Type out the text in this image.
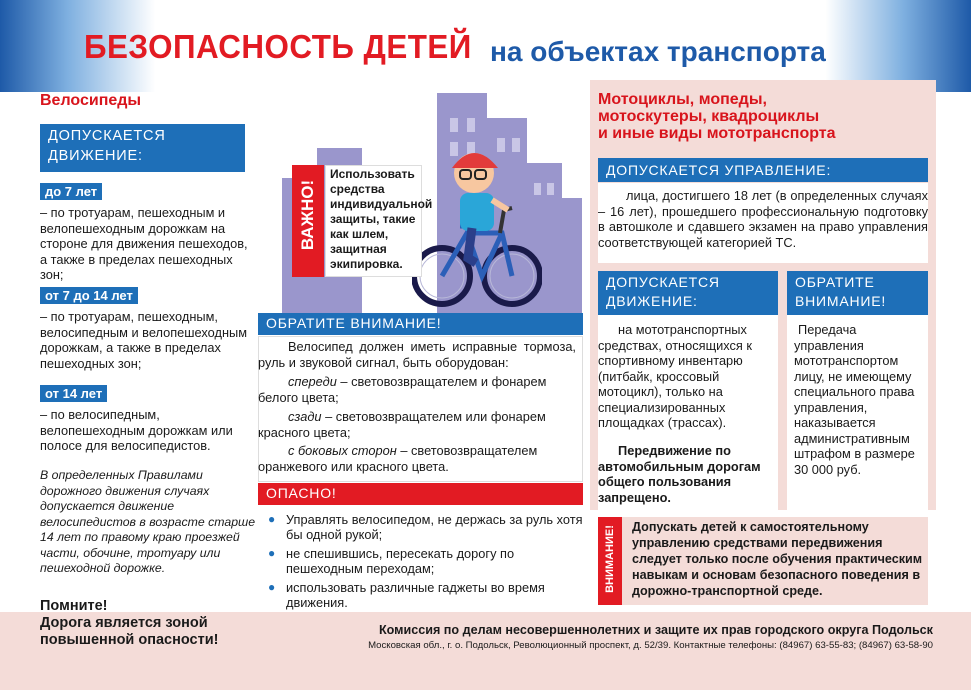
БЕЗОПАСНОСТЬ ДЕТЕЙ на объектах транспорта
Велосипеды
ДОПУСКАЕТСЯ
ДВИЖЕНИЕ:
до 7 лет
– по тротуарам, пешеходным и велопешеходным дорожкам на стороне для движения пешеходов, а также в пределах пешеходных зон;
от 7 до 14 лет
– по тротуарам, пешеходным, велосипедным и велопешеходным дорожкам, а также в пределах пешеходных зон;
от 14 лет
– по велосипедным, велопешеходным дорожкам или полосе для велосипедистов.
В определенных Правилами дорожного движения случаях допускается движение велосипедистов в возрасте старше 14 лет по правому краю проезжей части, обочине, тротуару или пешеходной дорожке.
Помните!
Дорога является зоной
повышенной опасности!
ВАЖНО!
Использовать средства индивидуальной защиты, такие как шлем, защитная экипировка.
ОБРАТИТЕ ВНИМАНИЕ!
Велосипед должен иметь исправные тормоза, руль и звуковой сигнал, быть оборудован:
спереди – световозвращателем и фонарем белого цвета;
сзади – световозвращателем или фонарем красного цвета;
с боковых сторон – световозвращателем оранжевого или красного цвета.
ОПАСНО!
● Управлять велосипедом, не держась за руль хотя бы одной рукой;
● не спешившись, пересекать дорогу по пешеходным переходам;
● использовать различные гаджеты во время движения.
Мотоциклы, мопеды,
мотоскутеры, квадроциклы
и иные виды мототранспорта
ДОПУСКАЕТСЯ УПРАВЛЕНИЕ:
лица, достигшего 18 лет (в определенных случаях – 16 лет), прошедшего профессиональную подготовку в автошколе и сдавшего экзамен на право управления соответствующей категорией ТС.
ДОПУСКАЕТСЯ
ДВИЖЕНИЕ:
на мототранспортных средствах, относящихся к спортивному инвентарю (питбайк, кроссовый мотоцикл), только на специализированных площадках (трассах).
Передвижение по автомобильным дорогам общего пользования запрещено.
ОБРАТИТЕ
ВНИМАНИЕ!
Передача управления мототранспортом лицу, не имеющему специального права управления, наказывается административным штрафом в размере 30 000 руб.
ВНИМАНИЕ! Допускать детей к самостоятельному управлению средствами передвижения следует только после обучения практическим навыкам и основам безопасного поведения в дорожно-транспортной среде.
Комиссия по делам несовершеннолетних и защите их прав городского округа Подольск
Московская обл., г. о. Подольск, Революционный проспект, д. 52/39. Контактные телефоны: (84967) 63-55-83; (84967) 63-58-90
